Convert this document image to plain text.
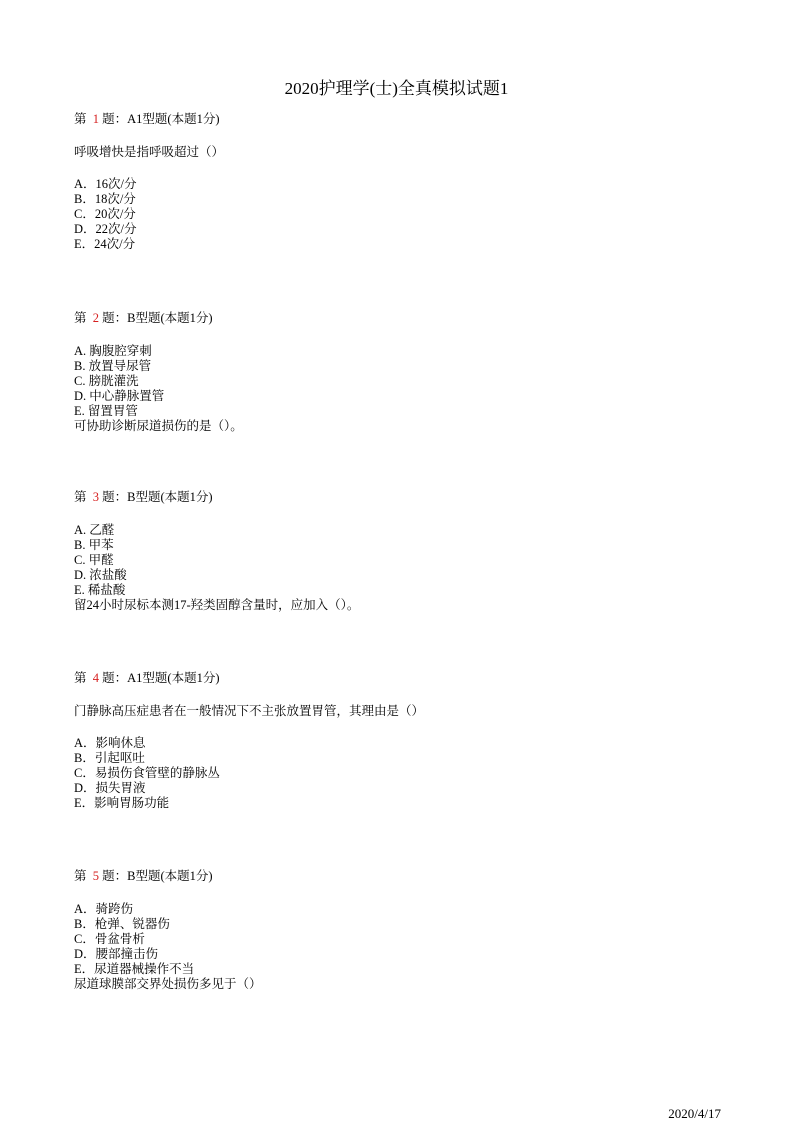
2020护理学(士)全真模拟试题1
第 1 题：A1型题(本题1分)
呼吸增快是指呼吸超过（）
A．16次/分
B．18次/分
C．20次/分
D．22次/分
E．24次/分
第 2 题：B型题(本题1分)
A. 胸腹腔穿刺
B. 放置导尿管
C. 膀胱灌洗
D. 中心静脉置管
E. 留置胃管
可协助诊断尿道损伤的是（）。
第 3 题：B型题(本题1分)
A. 乙醛
B. 甲苯
C. 甲醛
D. 浓盐酸
E. 稀盐酸
留24小时尿标本测17-羟类固醇含量时，应加入（）。
第 4 题：A1型题(本题1分)
门静脉高压症患者在一般情况下不主张放置胃管，其理由是（）
A．影响休息
B．引起呕吐
C．易损伤食管壁的静脉丛
D．损失胃液
E．影响胃肠功能
第 5 题：B型题(本题1分)
A．骑跨伤
B．枪弹、锐器伤
C．骨盆骨析
D．腰部撞击伤
E．尿道器械操作不当
尿道球膜部交界处损伤多见于（）
2020/4/17
